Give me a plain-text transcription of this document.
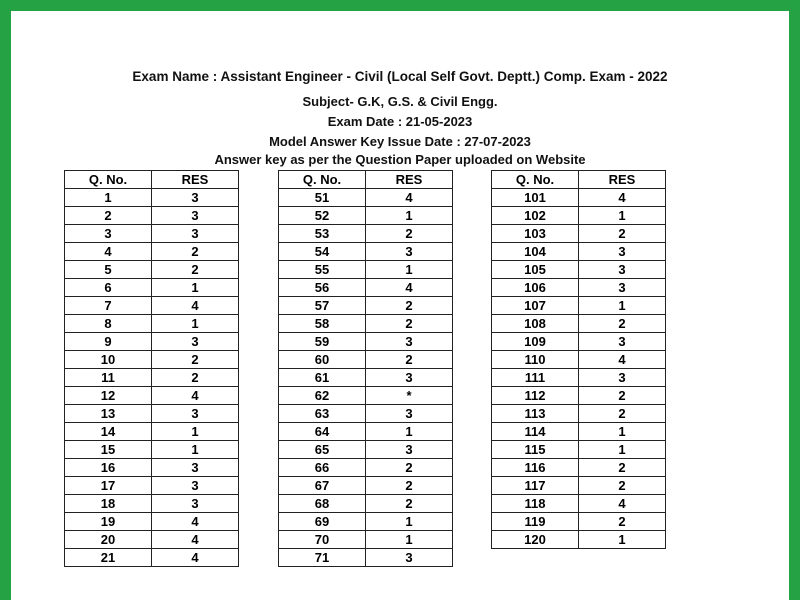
Exam Name : Assistant Engineer - Civil (Local Self Govt. Deptt.) Comp. Exam - 2022
Subject- G.K, G.S. & Civil Engg.
Exam Date : 21-05-2023
Model Answer Key Issue Date : 27-07-2023
Answer key as per the Question Paper uploaded on Website
Q. No.	RES
1	3
2	3
3	3
4	2
5	2
6	1
7	4
8	1
9	3
10	2
11	2
12	4
13	3
14	1
15	1
16	3
17	3
18	3
19	4
20	4
21	4
Q. No.	RES
51	4
52	1
53	2
54	3
55	1
56	4
57	2
58	2
59	3
60	2
61	3
62	*
63	3
64	1
65	3
66	2
67	2
68	2
69	1
70	1
71	3
Q. No.	RES
101	4
102	1
103	2
104	3
105	3
106	3
107	1
108	2
109	3
110	4
111	3
112	2
113	2
114	1
115	1
116	2
117	2
118	4
119	2
120	1
